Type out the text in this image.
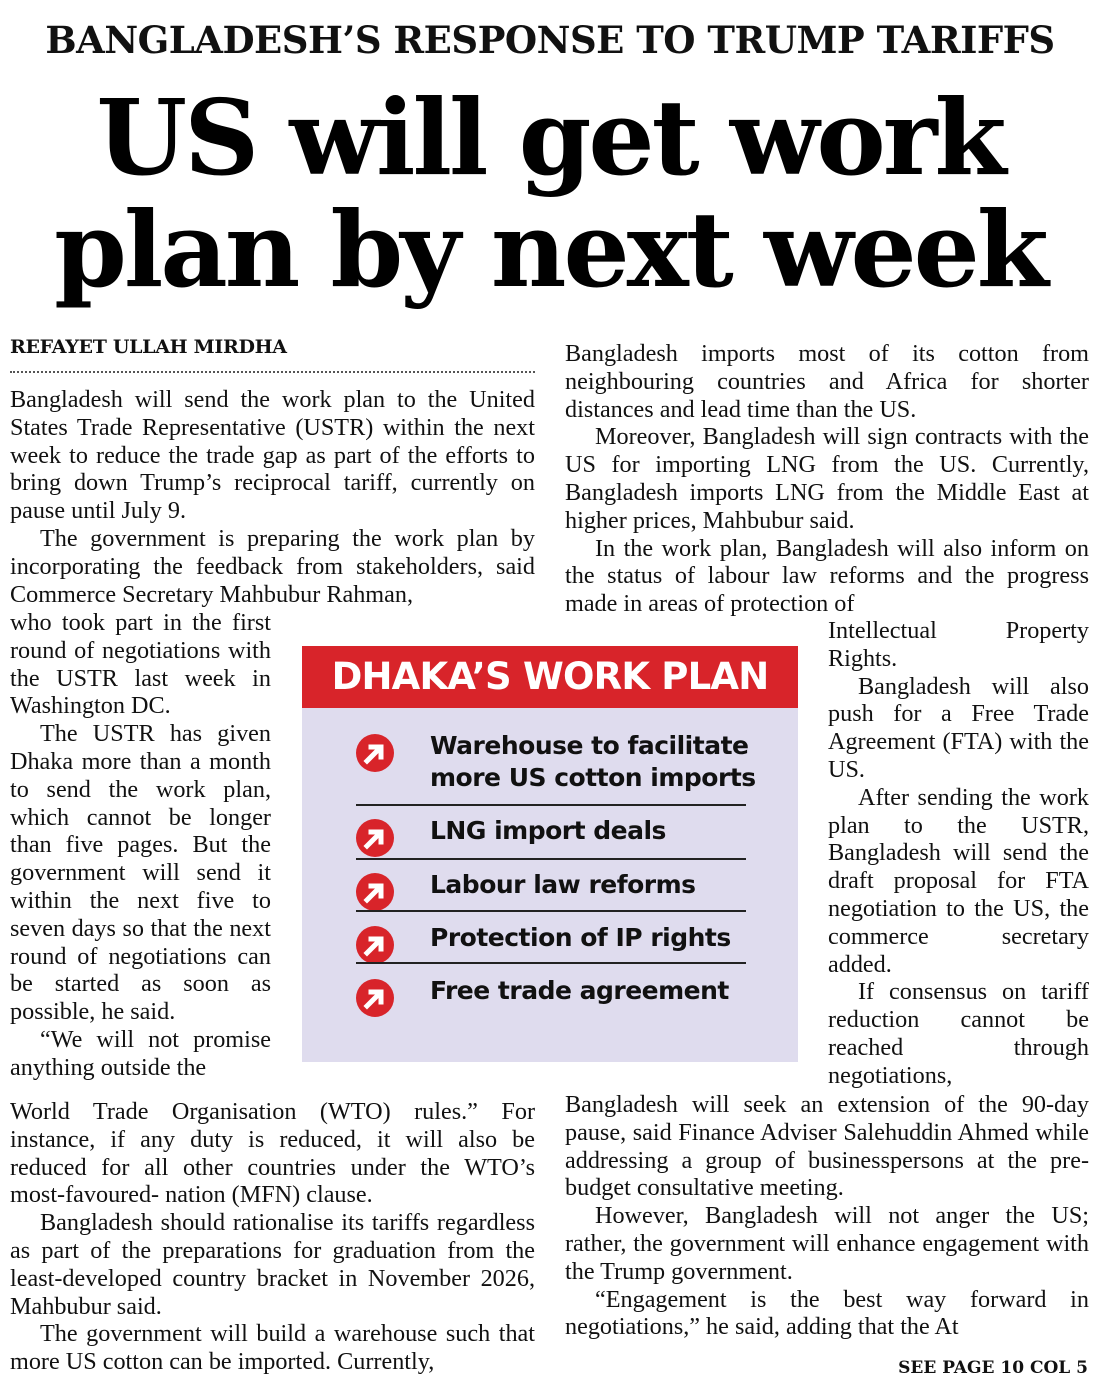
BANGLADESH’S RESPONSE TO TRUMP TARIFFS
US will get work
plan by next week
REFAYET ULLAH MIRDHA

Bangladesh will send the work plan to the United States Trade Representative (USTR) within the next week to reduce the trade gap as part of the efforts to bring down Trump’s reciprocal tariff, currently on pause until July 9.

The government is preparing the work plan by incorporating the feedback from stakeholders, said Commerce Secretary Mahbubur Rahman,

who took part in the first round of negotiations with the USTR last week in Washington DC.

The USTR has given Dhaka more than a month to send the work plan, which cannot be longer than five pages. But the government will send it within the next five to seven days so that the next round of negotiations can be started as soon as possible, he said.

“We will not promise anything outside the

World Trade Organisation (WTO) rules.” For instance, if any duty is reduced, it will also be reduced for all other countries under the WTO’s most-favoured- nation (MFN) clause.

Bangladesh should rationalise its tariffs regardless as part of the preparations for graduation from the least-developed country bracket in November 2026, Mahbubur said.

The government will build a warehouse such that more US cotton can be imported. Currently,

Bangladesh imports most of its cotton from neighbouring countries and Africa for shorter distances and lead time than the US.

Moreover, Bangladesh will sign contracts with the US for importing LNG from the US. Currently, Bangladesh imports LNG from the Middle East at higher prices, Mahbubur said.

In the work plan, Bangladesh will also inform on the status of labour law reforms and the progress made in areas of protection of

Intellectual Property Rights.

Bangladesh will also push for a Free Trade Agreement (FTA) with the US.

After sending the work plan to the USTR, Bangladesh will send the draft proposal for FTA negotiation to the US, the commerce secretary added.

If consensus on tariff reduction cannot be reached through negotiations,

Bangladesh will seek an extension of the 90-day pause, said Finance Adviser Salehuddin Ahmed while addressing a group of businesspersons at the pre-budget consultative meeting.

However, Bangladesh will not anger the US; rather, the government will enhance engagement with the Trump government.

“Engagement is the best way forward in negotiations,” he said, adding that the At

DHAKA’S WORK PLAN
Warehouse to facilitate more US cotton imports
LNG import deals
Labour law reforms
Protection of IP rights
Free trade agreement
SEE PAGE 10 COL 5
